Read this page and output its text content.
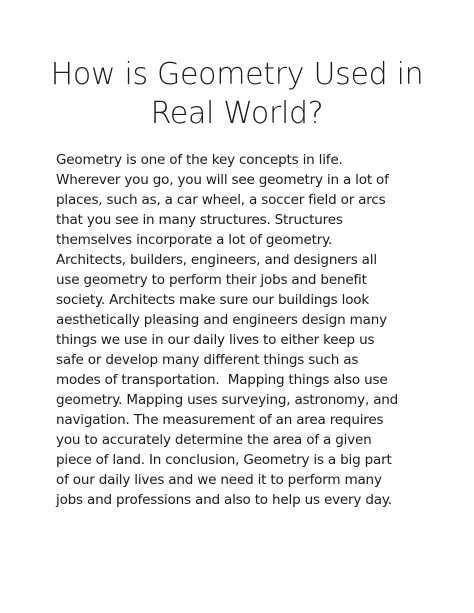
How is Geometry Used in
Real World?
Geometry is one of the key concepts in life.
Wherever you go, you will see geometry in a lot of
places, such as, a car wheel, a soccer field or arcs
that you see in many structures. Structures
themselves incorporate a lot of geometry.
Architects, builders, engineers, and designers all
use geometry to perform their jobs and benefit
society. Architects make sure our buildings look
aesthetically pleasing and engineers design many
things we use in our daily lives to either keep us
safe or develop many different things such as
modes of transportation.  Mapping things also use
geometry. Mapping uses surveying, astronomy, and
navigation. The measurement of an area requires
you to accurately determine the area of a given
piece of land. In conclusion, Geometry is a big part
of our daily lives and we need it to perform many
jobs and professions and also to help us every day.
